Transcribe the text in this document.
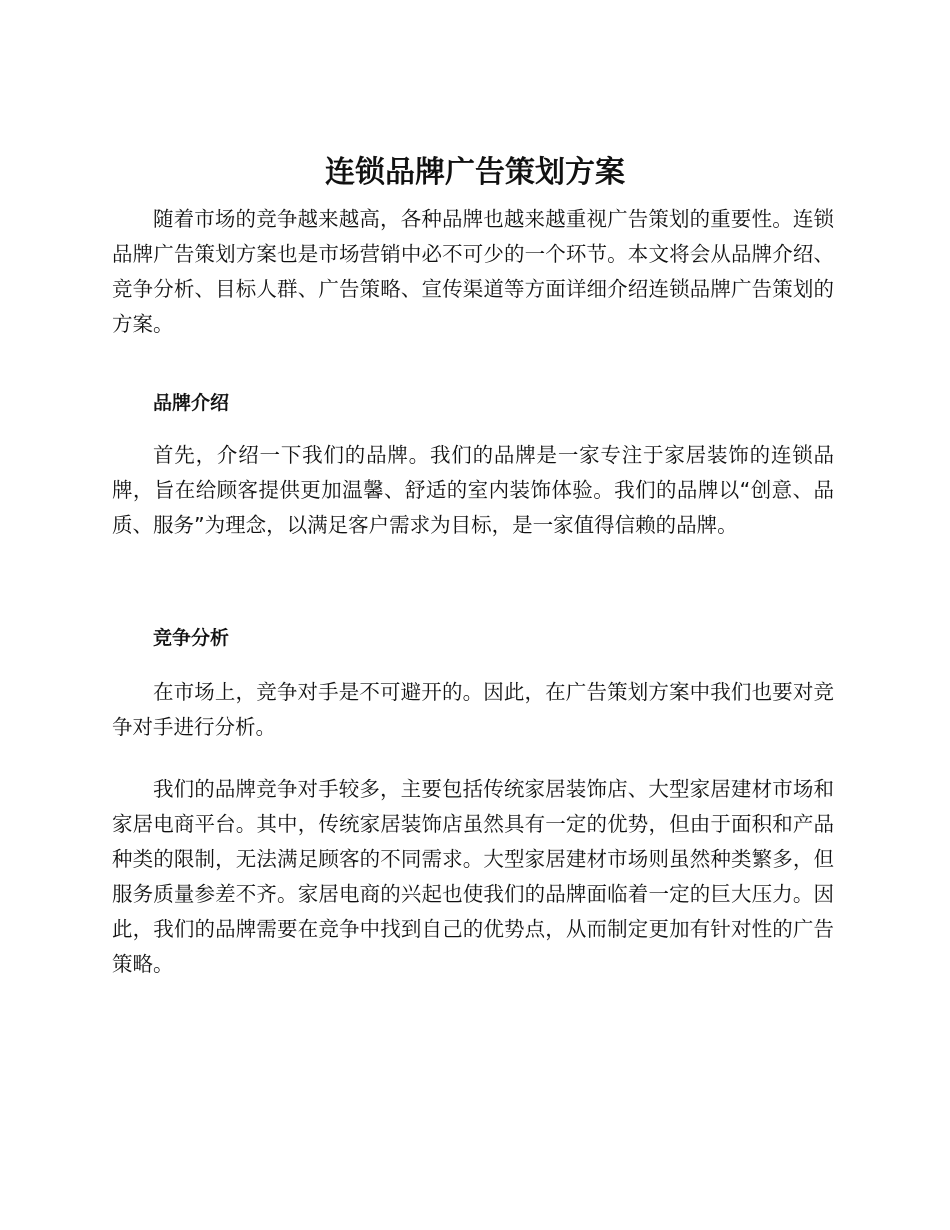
连锁品牌广告策划方案

随着市场的竞争越来越高，各种品牌也越来越重视广告策划的重要性。连锁品牌广告策划方案也是市场营销中必不可少的一个环节。本文将会从品牌介绍、竞争分析、目标人群、广告策略、宣传渠道等方面详细介绍连锁品牌广告策划的方案。

品牌介绍

首先，介绍一下我们的品牌。我们的品牌是一家专注于家居装饰的连锁品牌，旨在给顾客提供更加温馨、舒适的室内装饰体验。我们的品牌以“创意、品质、服务”为理念，以满足客户需求为目标，是一家值得信赖的品牌。

竞争分析

在市场上，竞争对手是不可避开的。因此，在广告策划方案中我们也要对竞争对手进行分析。

我们的品牌竞争对手较多，主要包括传统家居装饰店、大型家居建材市场和家居电商平台。其中，传统家居装饰店虽然具有一定的优势，但由于面积和产品种类的限制，无法满足顾客的不同需求。大型家居建材市场则虽然种类繁多，但服务质量参差不齐。家居电商的兴起也使我们的品牌面临着一定的巨大压力。因此，我们的品牌需要在竞争中找到自己的优势点，从而制定更加有针对性的广告策略。
